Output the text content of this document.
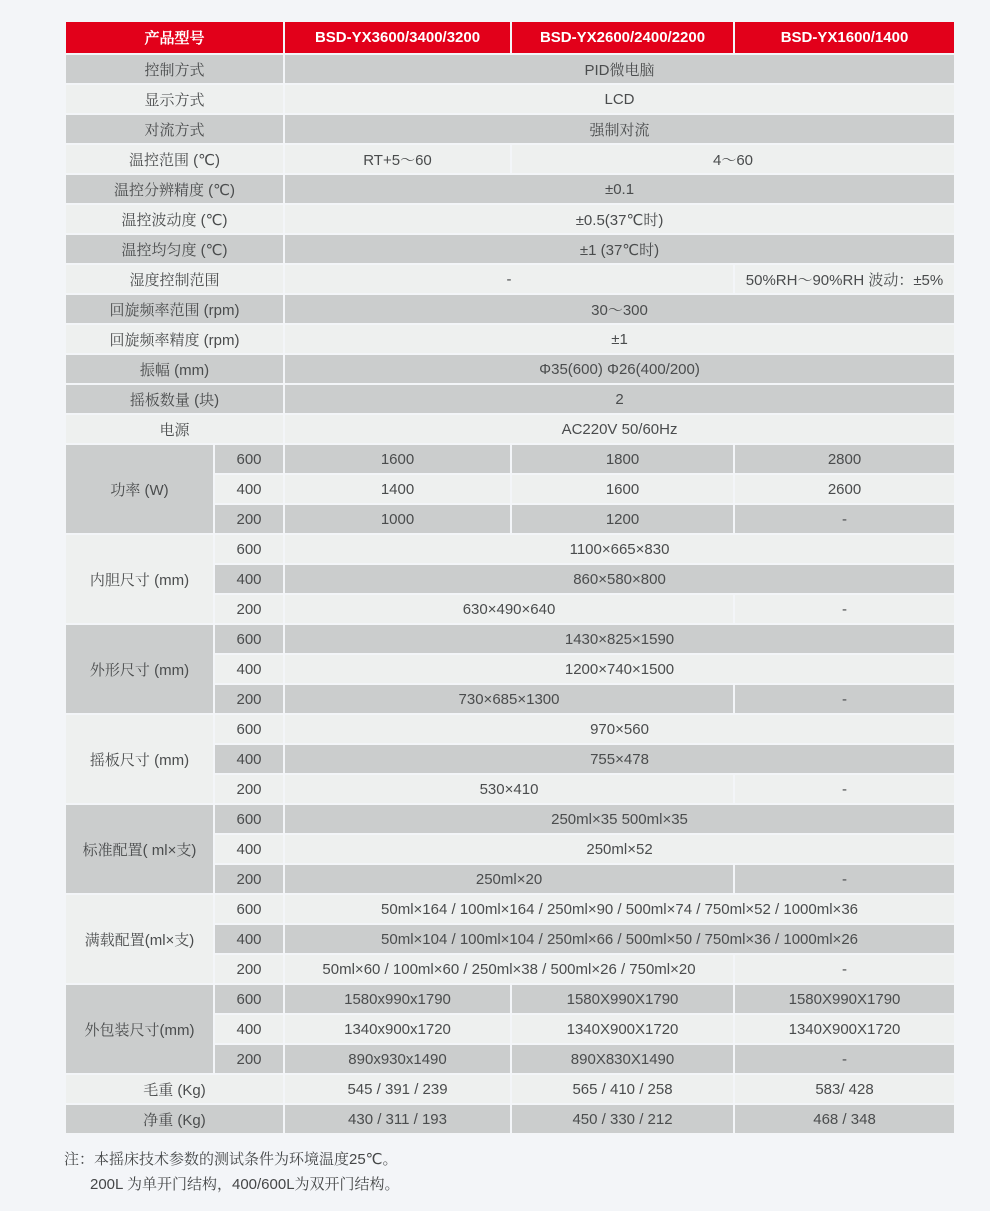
产品型号		BSD-YX3600/3400/3200	BSD-YX2600/2400/2200	BSD-YX1600/1400
控制方式		PID微电脑		
显示方式		LCD		
对流方式		强制对流		
温控范围 (℃)		RT+5～60	4～60	
温控分辨精度 (℃)		±0.1		
温控波动度 (℃)		±0.5(37℃时)		
温控均匀度 (℃)		±1 (37℃时)		
湿度控制范围		-		50%RH～90%RH 波动：±5%
回旋频率范围 (rpm)		30～300		
回旋频率精度 (rpm)		±1		
振幅 (mm)		Φ35(600) Φ26(400/200)		
摇板数量 (块)		2		
电源		AC220V 50/60Hz		
功率 (W)	600	1600	1800	2800
	400	1400	1600	2600
	200	1000	1200	-
内胆尺寸 (mm)	600	1100×665×830		
	400	860×580×800		
	200	630×490×640		-
外形尺寸 (mm)	600	1430×825×1590		
	400	1200×740×1500		
	200	730×685×1300		-
摇板尺寸 (mm)	600	970×560		
	400	755×478		
	200	530×410		-
标准配置( ml×支)	600	250ml×35 500ml×35		
	400	250ml×52		
	200	250ml×20		-
满载配置(ml×支)	600	50ml×164 / 100ml×164 / 250ml×90 / 500ml×74 / 750ml×52 / 1000ml×36		
	400	50ml×104 / 100ml×104 / 250ml×66 / 500ml×50 / 750ml×36 / 1000ml×26		
	200	50ml×60 / 100ml×60 / 250ml×38 / 500ml×26 / 750ml×20		-
外包装尺寸(mm)	600	1580x990x1790	1580X990X1790	1580X990X1790
	400	1340x900x1720	1340X900X1720	1340X900X1720
	200	890x930x1490	890X830X1490	-
毛重 (Kg)		545 / 391 / 239	565 / 410 / 258	583/ 428
净重 (Kg)		430 / 311 / 193	450 / 330 / 212	468 / 348
注：本摇床技术参数的测试条件为环境温度25℃。
200L 为单开门结构，400/600L为双开门结构。
